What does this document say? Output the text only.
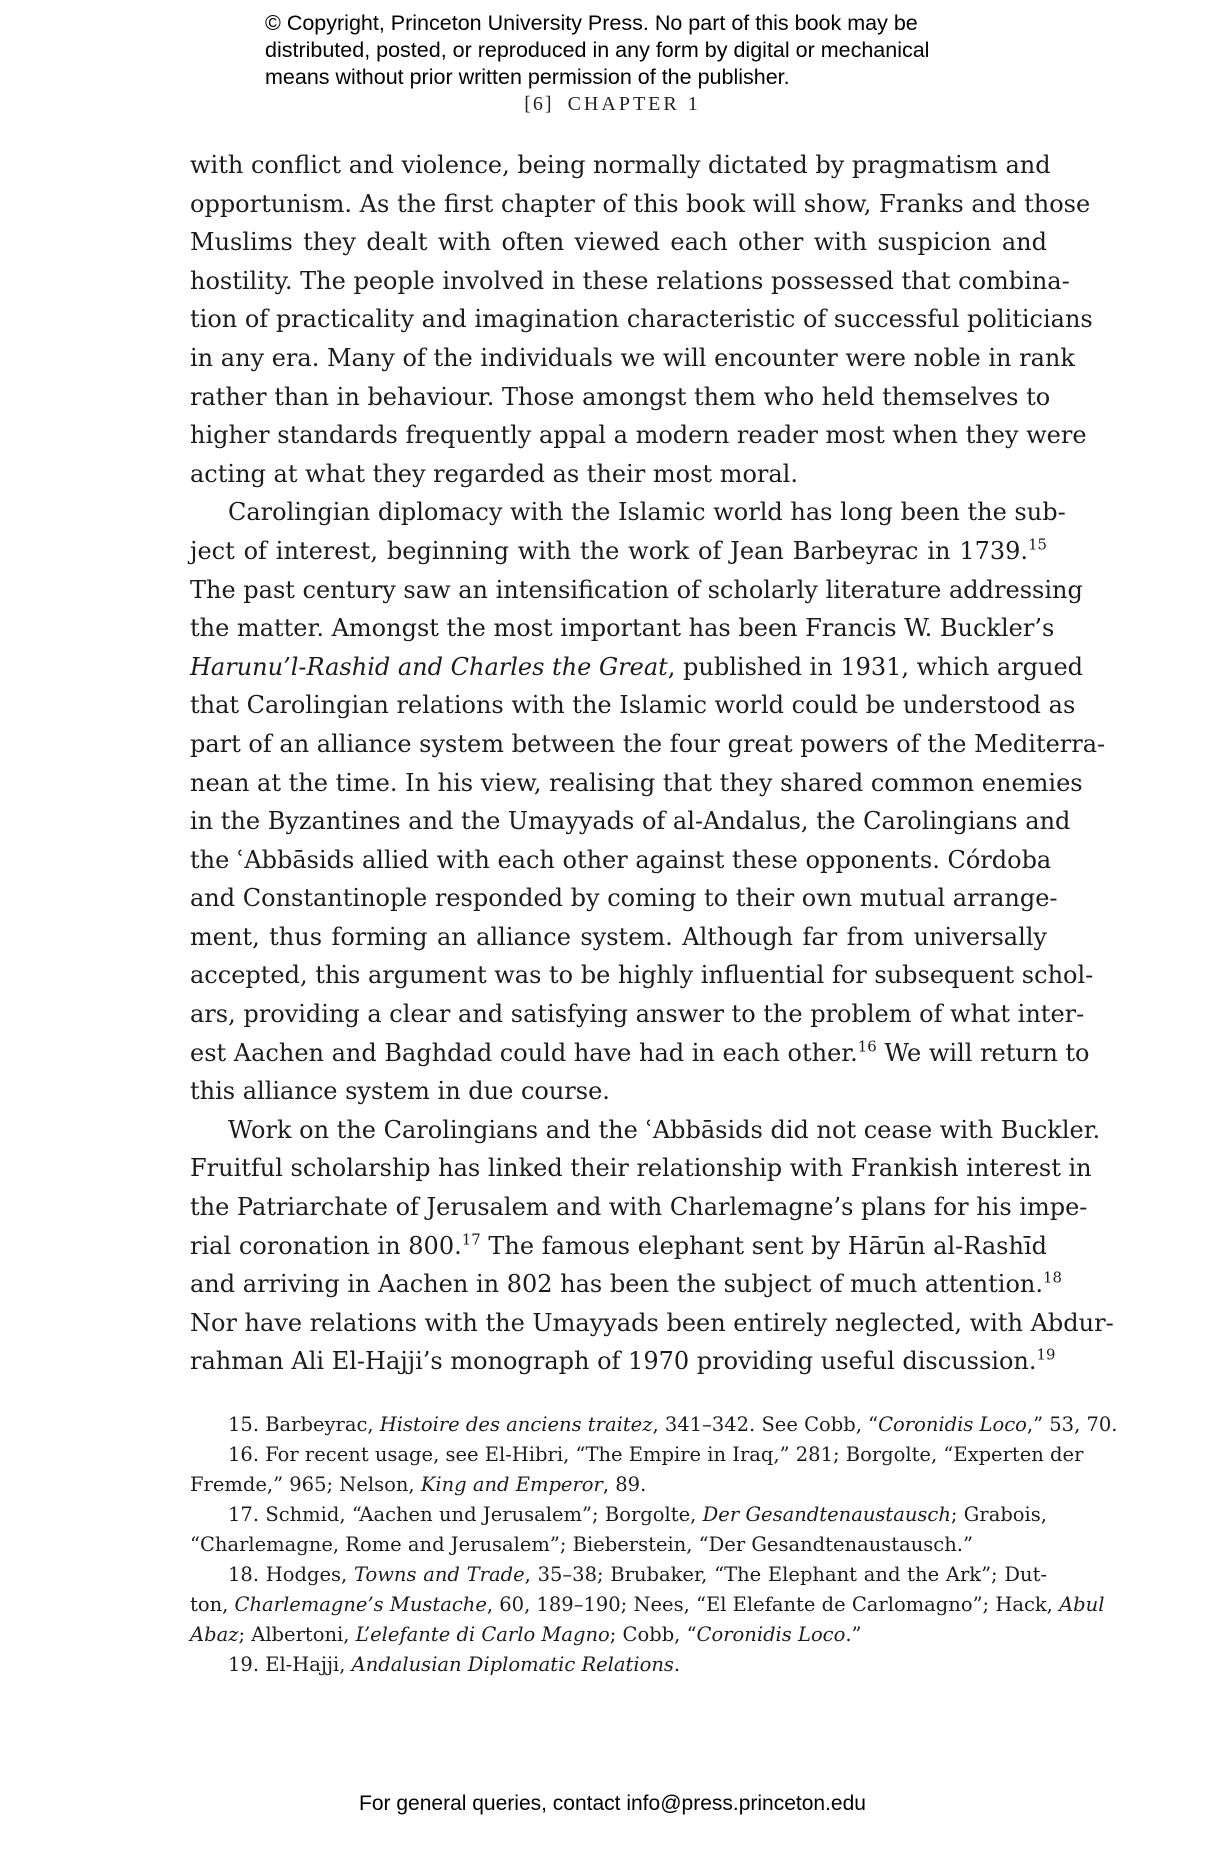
© Copyright, Princeton University Press. No part of this book may be
distributed, posted, or reproduced in any form by digital or mechanical
means without prior written permission of the publisher.
[6] CHAPTER 1
with conflict and violence, being normally dictated by pragmatism and
opportunism. As the first chapter of this book will show, Franks and those
Muslims they dealt with often viewed each other with suspicion and
hostility. The people involved in these relations possessed that combina-
tion of practicality and imagination characteristic of successful politicians
in any era. Many of the individuals we will encounter were noble in rank
rather than in behaviour. Those amongst them who held themselves to
higher standards frequently appal a modern reader most when they were
acting at what they regarded as their most moral.
Carolingian diplomacy with the Islamic world has long been the sub-
ject of interest, beginning with the work of Jean Barbeyrac in 1739.15
The past century saw an intensification of scholarly literature addressing
the matter. Amongst the most important has been Francis W. Buckler’s
Harunu’l-Rashid and Charles the Great, published in 1931, which argued
that Carolingian relations with the Islamic world could be understood as
part of an alliance system between the four great powers of the Mediterra-
nean at the time. In his view, realising that they shared common enemies
in the Byzantines and the Umayyads of al-Andalus, the Carolingians and
the ʿAbbāsids allied with each other against these opponents. Córdoba
and Constantinople responded by coming to their own mutual arrange-
ment, thus forming an alliance system. Although far from universally
accepted, this argument was to be highly influential for subsequent schol-
ars, providing a clear and satisfying answer to the problem of what inter-
est Aachen and Baghdad could have had in each other.$^{16}$ We will return to
this alliance system in due course.
Work on the Carolingians and the ʿAbbāsids did not cease with Buckler.
Fruitful scholarship has linked their relationship with Frankish interest in
the Patriarchate of Jerusalem and with Charlemagne’s plans for his impe-
rial coronation in 800.17 The famous elephant sent by Hārūn al-Rashīd
and arriving in Aachen in 802 has been the subject of much attention.$^{18}$
Nor have relations with the Umayyads been entirely neglected, with Abdur-
rahman Ali El-Hajji’s monograph of 1970 providing useful discussion.$^{19}$
15. Barbeyrac, Histoire des anciens traitez, 341–342. See Cobb, “Coronidis Loco,” 53, 70.
16. For recent usage, see El-Hibri, “The Empire in Iraq,” 281; Borgolte, “Experten der
Fremde,” 965; Nelson, King and Emperor, 89.
17. Schmid, “Aachen und Jerusalem”; Borgolte, Der Gesandtenaustausch; Grabois,
“Charlemagne, Rome and Jerusalem”; Bieberstein, “Der Gesandtenaustausch.”
18. Hodges, Towns and Trade, 35–38; Brubaker, “The Elephant and the Ark”; Dut-
ton, Charlemagne’s Mustache, 60, 189–190; Nees, “El Elefante de Carlomagno”; Hack, Abul
Abaz; Albertoni, L’elefante di Carlo Magno; Cobb, “Coronidis Loco.”
19. El-Hajji, Andalusian Diplomatic Relations.
For general queries, contact info@press.princeton.edu
